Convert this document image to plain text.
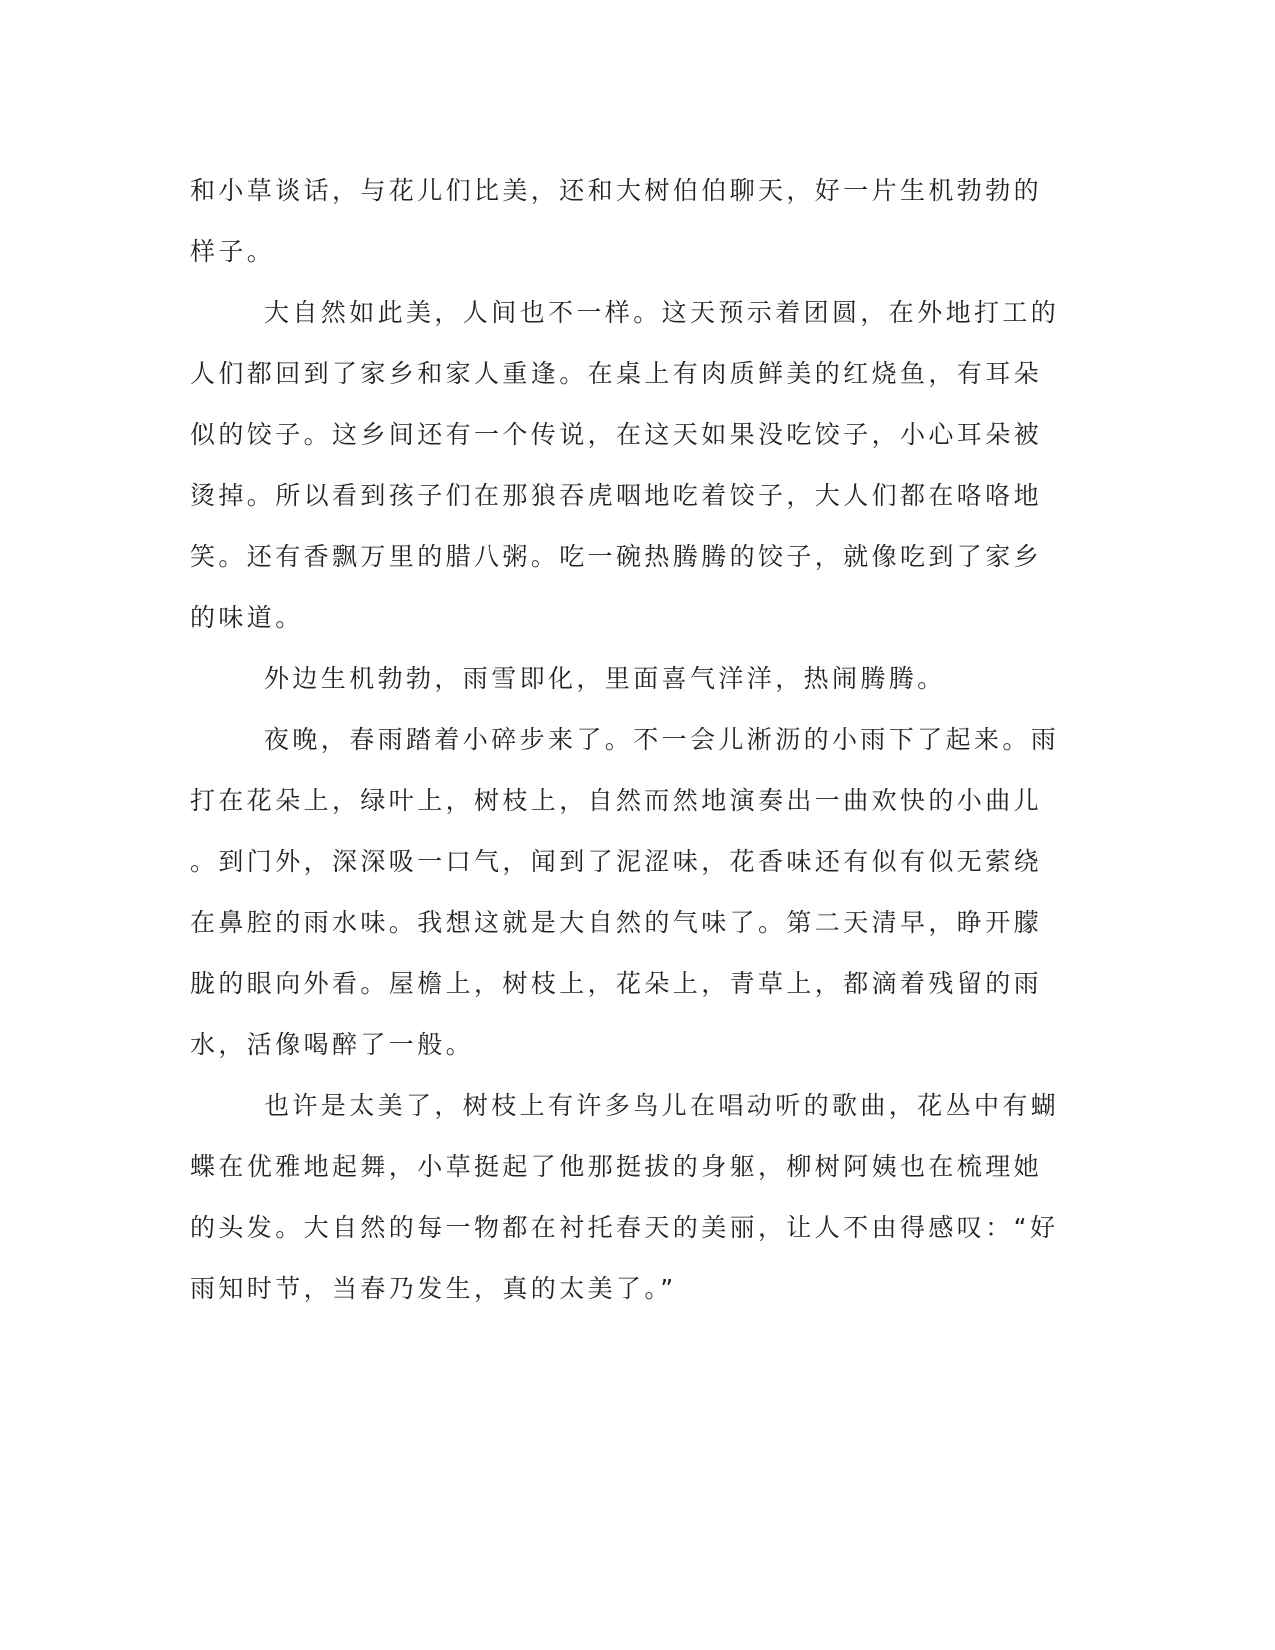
和小草谈话，与花儿们比美，还和大树伯伯聊天，好一片生机勃勃的
样子。
大自然如此美，人间也不一样。这天预示着团圆，在外地打工的
人们都回到了家乡和家人重逢。在桌上有肉质鲜美的红烧鱼，有耳朵
似的饺子。这乡间还有一个传说，在这天如果没吃饺子，小心耳朵被
烫掉。所以看到孩子们在那狼吞虎咽地吃着饺子，大人们都在咯咯地
笑。还有香飘万里的腊八粥。吃一碗热腾腾的饺子，就像吃到了家乡
的味道。
外边生机勃勃，雨雪即化，里面喜气洋洋，热闹腾腾。
夜晚，春雨踏着小碎步来了。不一会儿淅沥的小雨下了起来。雨
打在花朵上，绿叶上，树枝上，自然而然地演奏出一曲欢快的小曲儿
。到门外，深深吸一口气，闻到了泥涩味，花香味还有似有似无萦绕
在鼻腔的雨水味。我想这就是大自然的气味了。第二天清早，睁开朦
胧的眼向外看。屋檐上，树枝上，花朵上，青草上，都滴着残留的雨
水，活像喝醉了一般。
也许是太美了，树枝上有许多鸟儿在唱动听的歌曲，花丛中有蝴
蝶在优雅地起舞，小草挺起了他那挺拔的身躯，柳树阿姨也在梳理她
的头发。大自然的每一物都在衬托春天的美丽，让人不由得感叹：“好
雨知时节，当春乃发生，真的太美了。”
